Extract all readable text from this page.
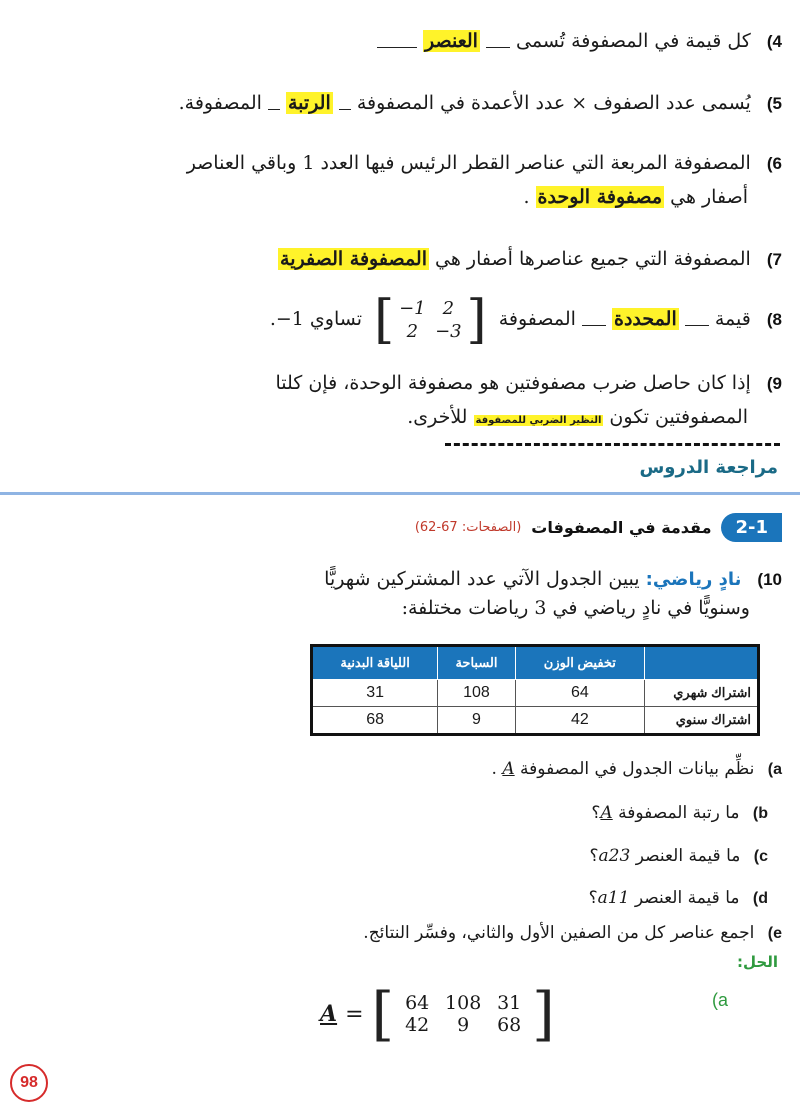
4) كل قيمة في المصفوفة تُسمى  العنصر
5) يُسمى عدد الصفوف × عدد الأعمدة في المصفوفة  الرتبة  المصفوفة.
6) المصفوفة المربعة التي عناصر القطر الرئيس فيها العدد 1 وباقي العناصر
أصفار هي مصفوفة الوحدة .
7) المصفوفة التي جميع عناصرها أصفار هي المصفوفة الصفرية
8) قيمة  المحددة  المصفوفة
[
−1 2
2 −3
]
تساوي 1−.
9) إذا كان حاصل ضرب مصفوفتين هو مصفوفة الوحدة، فإن كلتا
المصفوفتين تكون النظير الضربي للمصفوفة للأخرى.
مراجعة الدروس
2-1
مقدمة في المصفوفات
(الصفحات: 67-62)
10) نادٍ رياضي: يبين الجدول الآتي عدد المشتركين شهريًّا
وسنويًّا في نادٍ رياضي في 3 رياضات مختلفة:
	تخفيض الوزن	السباحة	اللياقة البدنية
اشتراك شهري	64	108	31
اشتراك سنوي	42	9	68
a) نظِّم بيانات الجدول في المصفوفة A .
b) ما رتبة المصفوفة A؟
c) ما قيمة العنصر a23؟
d) ما قيمة العنصر a11؟
e) اجمع عناصر كل من الصفين الأول والثاني، وفسِّر النتائج.
الحل:
A = [ 64 108 31
42	9	68 ]	(a
98
